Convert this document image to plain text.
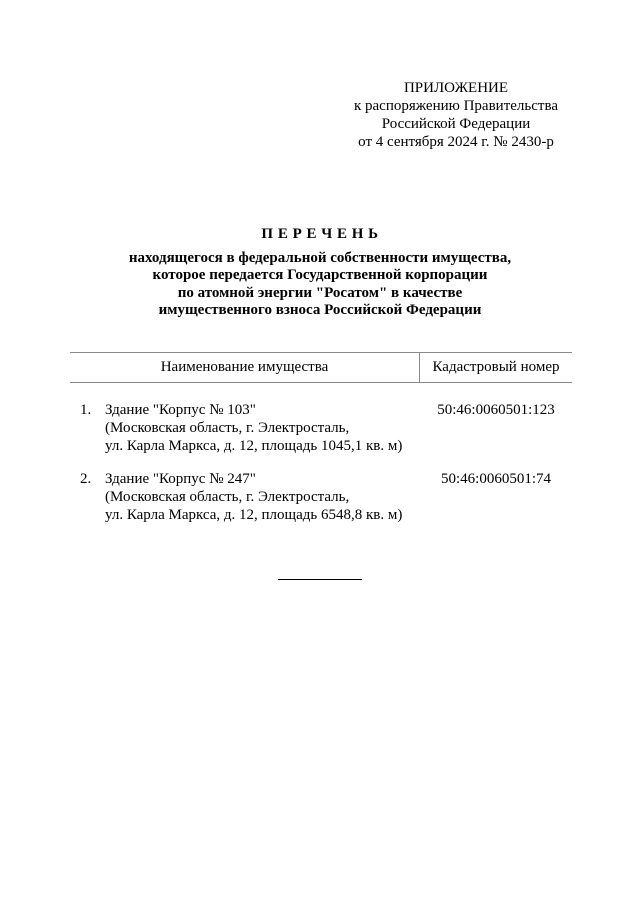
ПРИЛОЖЕНИЕ
к распоряжению Правительства
Российской Федерации
от 4 сентября 2024 г. № 2430-р
П Е Р Е Ч Е Н Ь
находящегося в федеральной собственности имущества,
которое передается Государственной корпорации
по атомной энергии "Росатом" в качестве
имущественного взноса Российской Федерации
Наименование имущества	Кадастровый номер
1. Здание "Корпус № 103"
(Московская область, г. Электросталь,
ул. Карла Маркса, д. 12, площадь 1045,1 кв. м)
50:46:0060501:123
2. Здание "Корпус № 247"
(Московская область, г. Электросталь,
ул. Карла Маркса, д. 12, площадь 6548,8 кв. м)
50:46:0060501:74
